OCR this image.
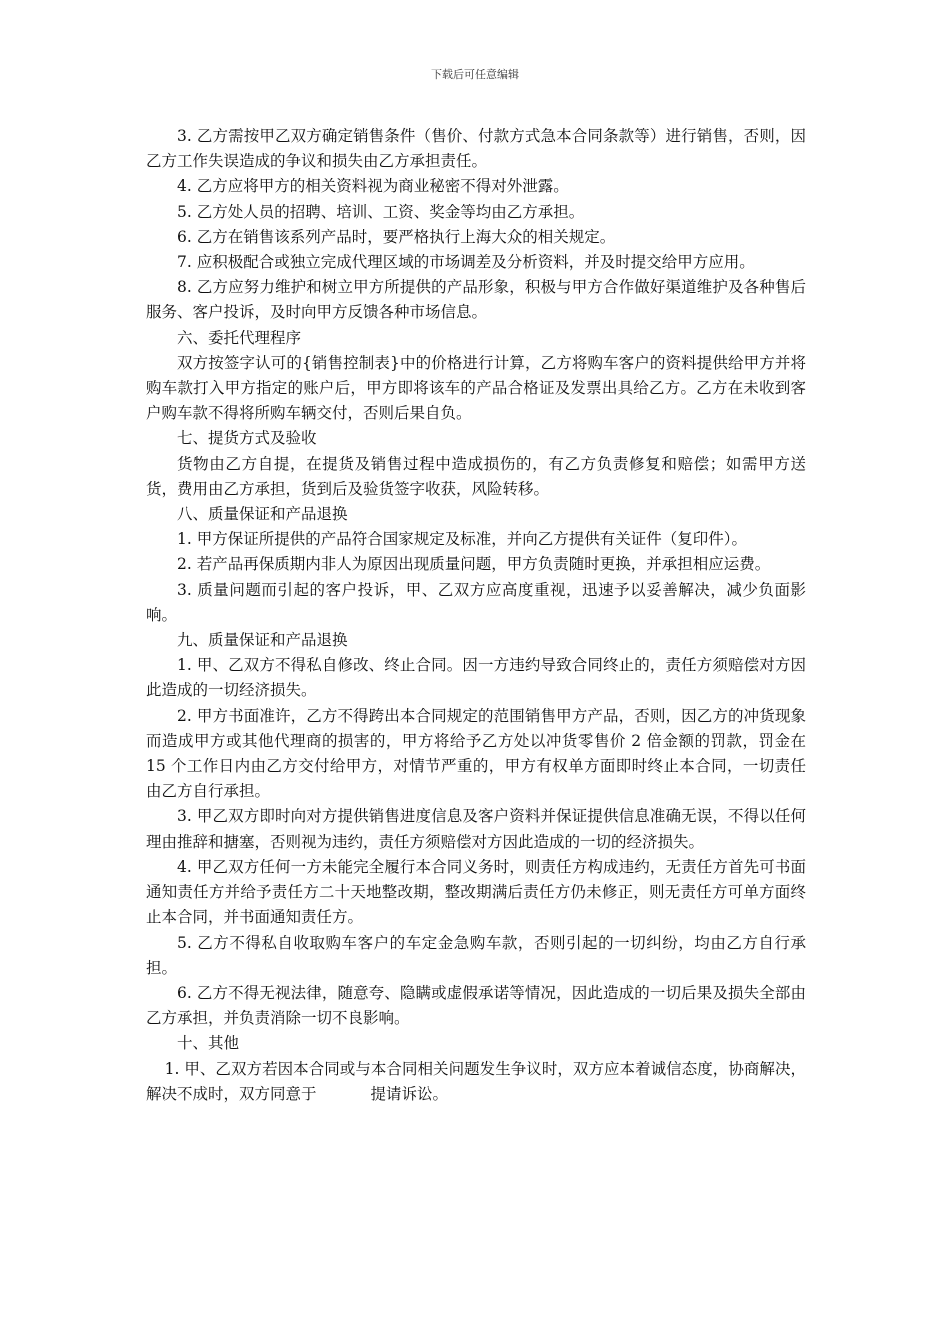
下载后可任意编辑

3. 乙方需按甲乙双方确定销售条件（售价、付款方式急本合同条款等）进行销售，否则，因乙方工作失误造成的争议和损失由乙方承担责任。

4. 乙方应将甲方的相关资料视为商业秘密不得对外泄露。

5. 乙方处人员的招聘、培训、工资、奖金等均由乙方承担。

6. 乙方在销售该系列产品时，要严格执行上海大众的相关规定。

7. 应积极配合或独立完成代理区域的市场调差及分析资料，并及时提交给甲方应用。

8. 乙方应努力维护和树立甲方所提供的产品形象，积极与甲方合作做好渠道维护及各种售后服务、客户投诉，及时向甲方反馈各种市场信息。

六、委托代理程序

双方按签字认可的{销售控制表}中的价格进行计算，乙方将购车客户的资料提供给甲方并将购车款打入甲方指定的账户后，甲方即将该车的产品合格证及发票出具给乙方。乙方在未收到客户购车款不得将所购车辆交付，否则后果自负。

七、提货方式及验收

货物由乙方自提，在提货及销售过程中造成损伤的，有乙方负责修复和赔偿；如需甲方送货，费用由乙方承担，货到后及验货签字收获，风险转移。

八、质量保证和产品退换

1. 甲方保证所提供的产品符合国家规定及标准，并向乙方提供有关证件（复印件）。

2. 若产品再保质期内非人为原因出现质量问题，甲方负责随时更换，并承担相应运费。

3. 质量问题而引起的客户投诉，甲、乙双方应高度重视，迅速予以妥善解决，减少负面影响。

九、质量保证和产品退换

1. 甲、乙双方不得私自修改、终止合同。因一方违约导致合同终止的，责任方须赔偿对方因此造成的一切经济损失。

2. 甲方书面准许，乙方不得跨出本合同规定的范围销售甲方产品，否则，因乙方的冲货现象而造成甲方或其他代理商的损害的，甲方将给予乙方处以冲货零售价 2 倍金额的罚款，罚金在 15 个工作日内由乙方交付给甲方，对情节严重的，甲方有权单方面即时终止本合同，一切责任由乙方自行承担。

3. 甲乙双方即时向对方提供销售进度信息及客户资料并保证提供信息准确无误，不得以任何理由推辞和搪塞，否则视为违约，责任方须赔偿对方因此造成的一切的经济损失。

4. 甲乙双方任何一方未能完全履行本合同义务时，则责任方构成违约，无责任方首先可书面通知责任方并给予责任方二十天地整改期，整改期满后责任方仍未修正，则无责任方可单方面终止本合同，并书面通知责任方。

5. 乙方不得私自收取购车客户的车定金急购车款，否则引起的一切纠纷，均由乙方自行承担。

6. 乙方不得无视法律，随意夸、隐瞒或虚假承诺等情况，因此造成的一切后果及损失全部由乙方承担，并负责消除一切不良影响。

十、其他

1. 甲、乙双方若因本合同或与本合同相关问题发生争议时，双方应本着诚信态度，协商解决，解决不成时，双方同意于	提请诉讼。
